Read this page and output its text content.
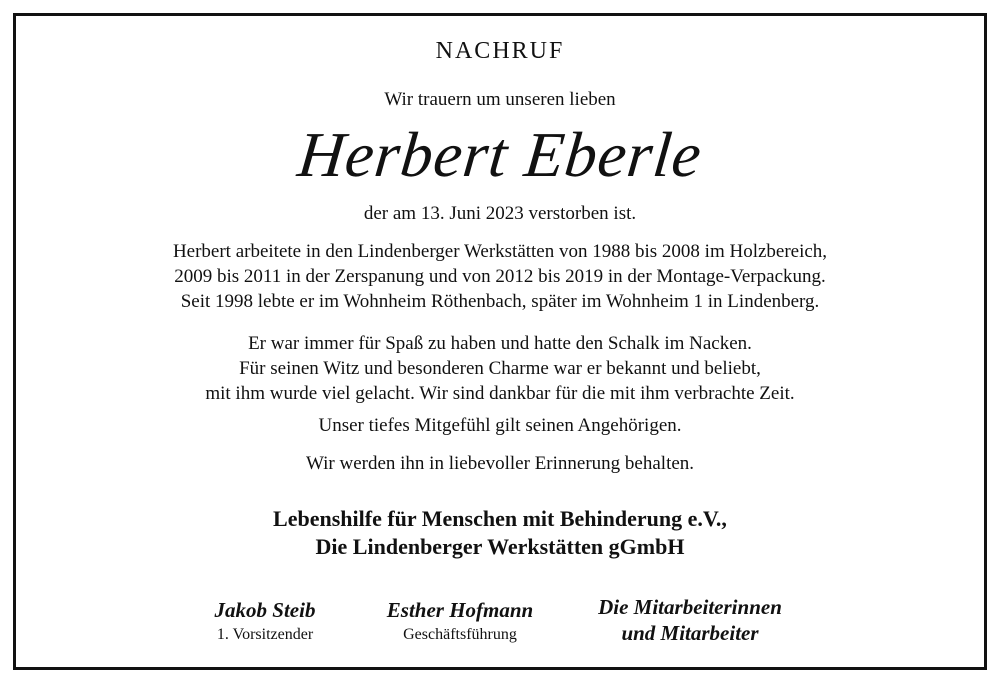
NACHRUF
Wir trauern um unseren lieben
Herbert Eberle
der am 13. Juni 2023 verstorben ist.
Herbert arbeitete in den Lindenberger Werkstätten von 1988 bis 2008 im Holzbereich,
2009 bis 2011 in der Zerspanung und von 2012 bis 2019 in der Montage-Verpackung.
Seit 1998 lebte er im Wohnheim Röthenbach, später im Wohnheim 1 in Lindenberg.
Er war immer für Spaß zu haben und hatte den Schalk im Nacken.
Für seinen Witz und besonderen Charme war er bekannt und beliebt,
mit ihm wurde viel gelacht. Wir sind dankbar für die mit ihm verbrachte Zeit.
Unser tiefes Mitgefühl gilt seinen Angehörigen.
Wir werden ihn in liebevoller Erinnerung behalten.
Lebenshilfe für Menschen mit Behinderung e.V.,
Die Lindenberger Werkstätten gGmbH
Jakob Steib
1. Vorsitzender
Esther Hofmann
Geschäftsführung
Die Mitarbeiterinnen
und Mitarbeiter
